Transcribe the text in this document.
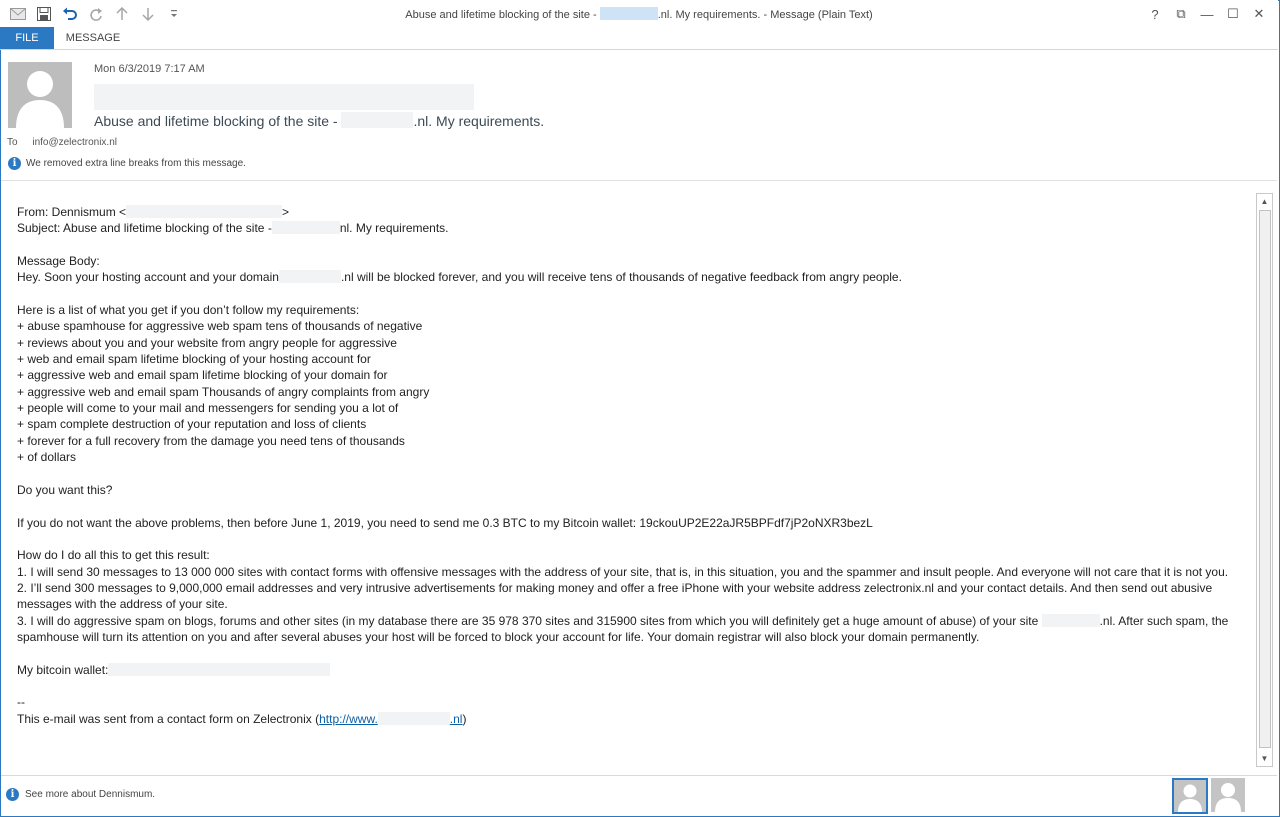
Abuse and lifetime blocking of the site -	.nl. My requirements. - Message (Plain Text)	?	⧉	—	☐	✕
FILE	MESSAGE
Mon 6/3/2019 7:17 AM
Abuse and lifetime blocking of the site -	.nl. My requirements.
To info@zelectronix.nl
i We removed extra line breaks from this message.

From: Dennismum <	>

Subject: Abuse and lifetime blocking of the site -	nl. My requirements.

Message Body:

Hey. Soon your hosting account and your domain	.nl will be blocked forever, and you will receive tens of thousands of negative feedback from angry people.

Here is a list of what you get if you don’t follow my requirements:

+ abuse spamhouse for aggressive web spam tens of thousands of negative

+ reviews about you and your website from angry people for aggressive

+ web and email spam lifetime blocking of your hosting account for

+ aggressive web and email spam lifetime blocking of your domain for

+ aggressive web and email spam Thousands of angry complaints from angry

+ people will come to your mail and messengers for sending you a lot of

+ spam complete destruction of your reputation and loss of clients

+ forever for a full recovery from the damage you need tens of thousands

+ of dollars

Do you want this?

If you do not want the above problems, then before June 1, 2019, you need to send me 0.3 BTC to my Bitcoin wallet: 19ckouUP2E22aJR5BPFdf7jP2oNXR3bezL

How do I do all this to get this result:

1. I will send 30 messages to 13 000 000 sites with contact forms with offensive messages with the address of your site, that is, in this situation, you and the spammer and insult people. And everyone will not care that it is not you.

2. I’ll send 300 messages to 9,000,000 email addresses and very intrusive advertisements for making money and offer a free iPhone with your website address zelectronix.nl and your contact details. And then send out abusive messages with the address of your site.

3. I will do aggressive spam on blogs, forums and other sites (in my database there are 35 978 370 sites and 315900 sites from which you will definitely get a huge amount of abuse) of your site	.nl. After such spam, the spamhouse will turn its attention on you and after several abuses your host will be forced to block your account for life. Your domain registrar will also block your domain permanently.

My bitcoin wallet:

--

This e-mail was sent from a contact form on Zelectronix (http://www.	.nl)

▲
▼
i	See more about Dennismum.
